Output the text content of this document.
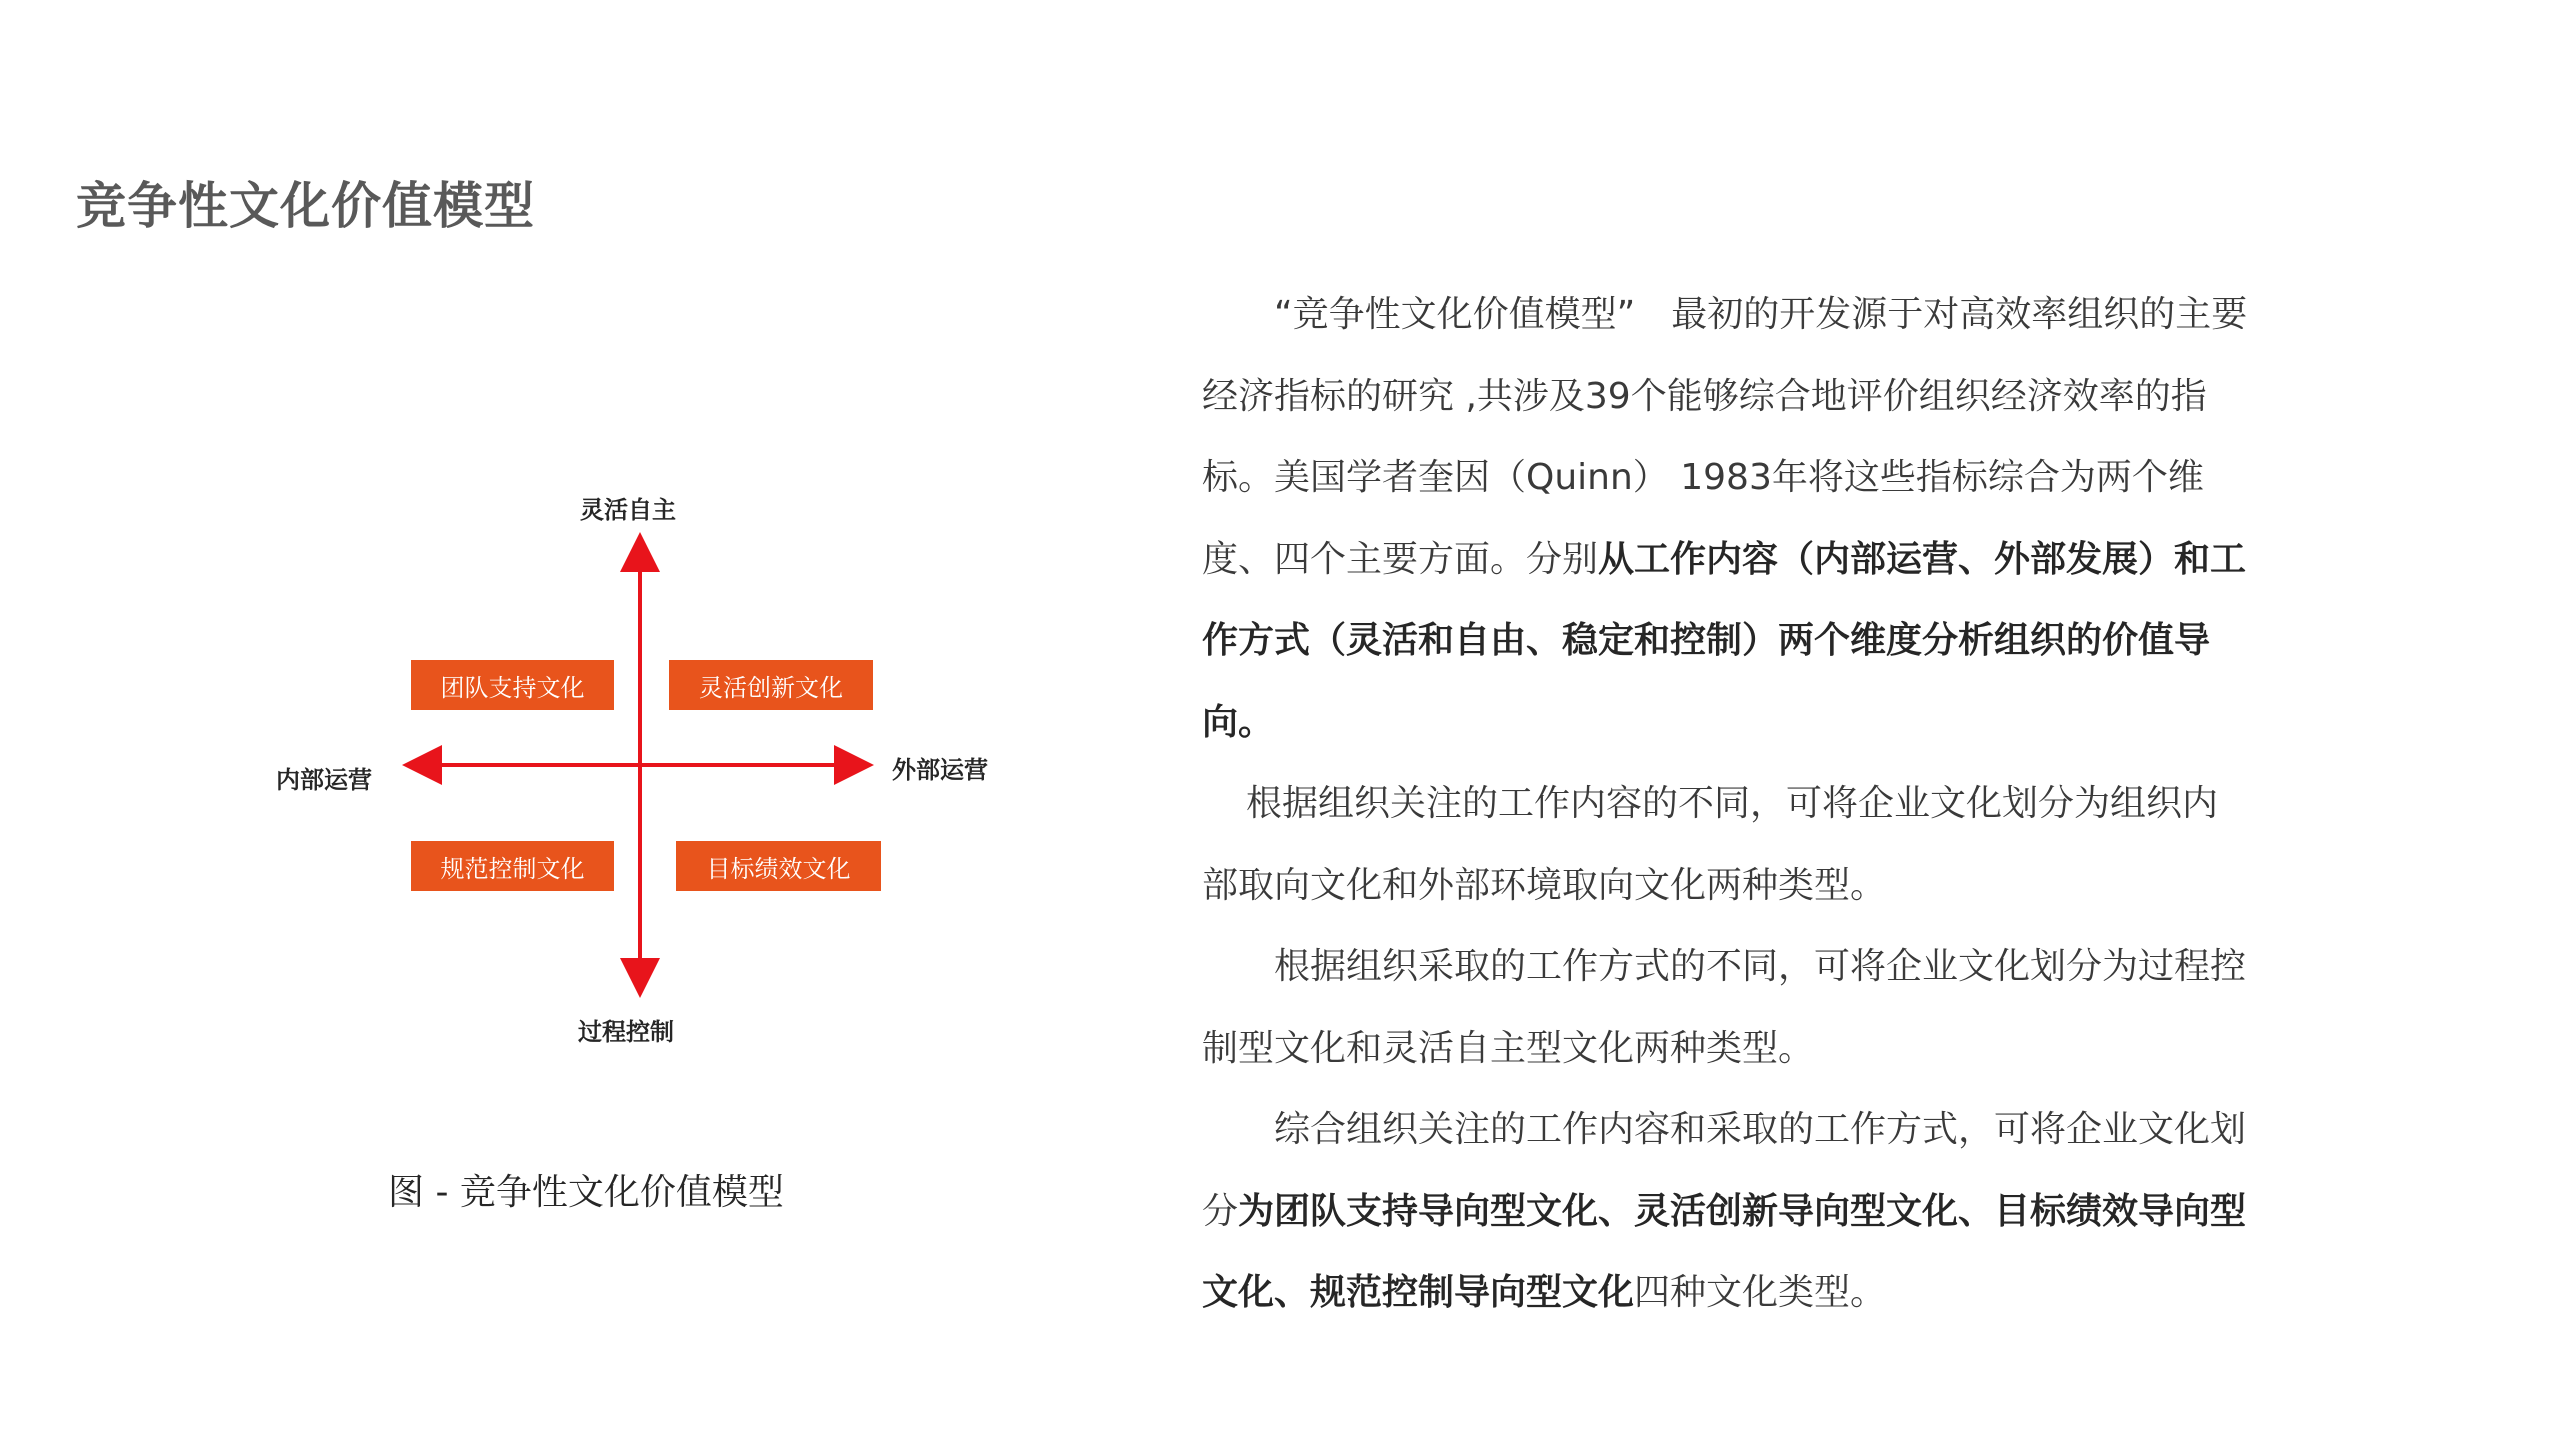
竞争性文化价值模型
灵活自主
过程控制
内部运营	外部运营
团队支持文化	灵活创新文化
规范控制文化	目标绩效文化
图 - 竞争性文化价值模型

“竞争性文化价值模型”　最初的开发源于对高效率组织的主要经济指标的研究 ,共涉及39个能够综合地评价组织经济效率的指标。美国学者奎因（Quinn） 1983年将这些指标综合为两个维度、四个主要方面。分别从工作内容（内部运营、外部发展）和工作方式（灵活和自由、稳定和控制）两个维度分析组织的价值导向。

根据组织关注的工作内容的不同，可将企业文化划分为组织内部取向文化和外部环境取向文化两种类型。

根据组织采取的工作方式的不同，可将企业文化划分为过程控制型文化和灵活自主型文化两种类型。

综合组织关注的工作内容和采取的工作方式，可将企业文化划分为团队支持导向型文化、灵活创新导向型文化、目标绩效导向型文化、规范控制导向型文化四种文化类型。
